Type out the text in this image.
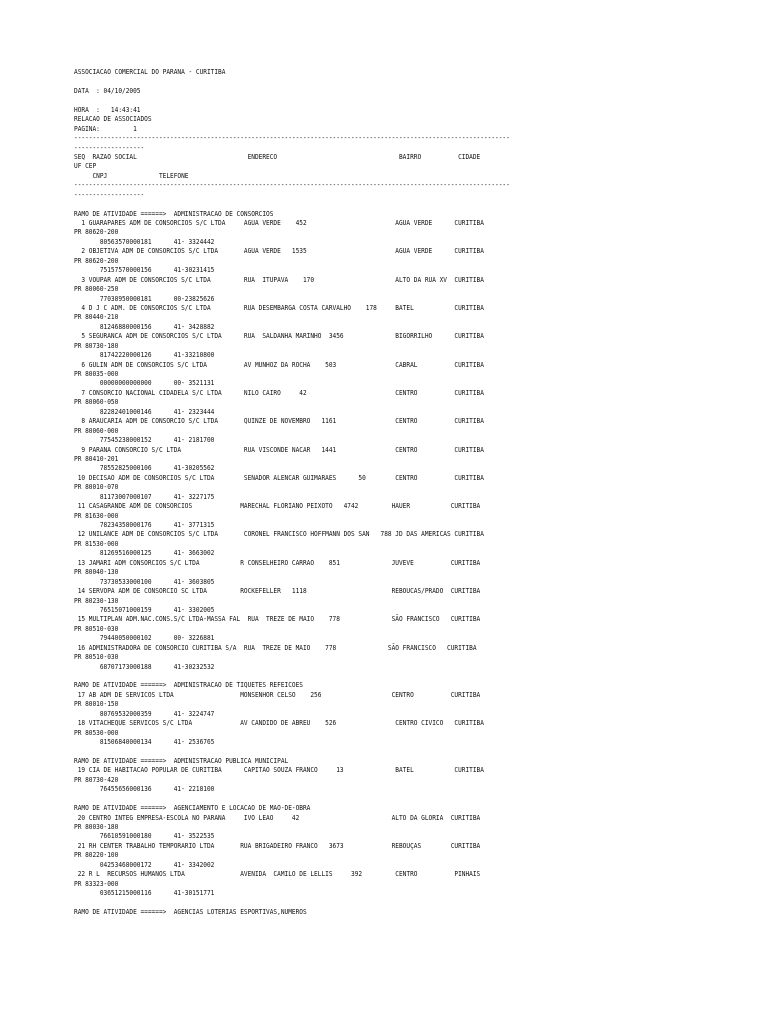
ASSOCIACAO COMERCIAL DO PARANA - CURITIBA
DATA  : 04/10/2005
HORA  :   14:43:41
RELACAO DE ASSOCIADOS
PAGINA:         1
----------------------------------------------------------------------------------------------------------------------
-------------------
SEQ  RAZAO SOCIAL                              ENDERECO                                 BAIRRO          CIDADE
UF CEP
CNPJ              TELEFONE
----------------------------------------------------------------------------------------------------------------------
-------------------
RAMO DE ATIVIDADE ======>  ADMINISTRACAO DE CONSORCIOS
1 GUARAPARES ADM DE CONSORCIOS S/C LTDA     AGUA VERDE    452                        AGUA VERDE      CURITIBA
PR 80620-200
80563570000181      41- 3324442
2 OBJETIVA ADM DE CONSORCIOS S/C LTDA       AGUA VERDE   1535                        AGUA VERDE      CURITIBA
PR 80620-200
75157570000156      41-30231415
3 VOUPAR ADM DE CONSORCIOS S/C LTDA         RUA  ITUPAVA    170                      ALTO DA RUA XV  CURITIBA
PR 80060-250
77038950000181      00-23825626
4 D J C ADM. DE CONSORCIOS S/C LTDA         RUA DESEMBARGA COSTA CARVALHO    178     BATEL           CURITIBA
PR 80440-210
81246880000156      41- 3428882
5 SEGURANCA ADM DE CONSORCIOS S/C LTDA      RUA  SALDANHA MARINHO  3456              BIGORRILHO      CURITIBA
PR 80730-180
81742220000126      41-33210800
6 GULIN ADM DE CONSORCIOS S/C LTDA          AV MUNHOZ DA ROCHA    503                CABRAL          CURITIBA
PR 80035-000
00000000000000      00- 3521131
7 CONSORCIO NACIONAL CIDADELA S/C LTDA      NILO CAIRO     42                        CENTRO          CURITIBA
PR 80060-050
82282401000146      41- 2323444
8 ARAUCARIA ADM DE CONSORCIO S/C LTDA       QUINZE DE NOVEMBRO   1161                CENTRO          CURITIBA
PR 80060-000
77545238000152      41- 2181700
9 PARANA CONSORCIO S/C LTDA                 RUA VISCONDE NACAR   1441                CENTRO          CURITIBA
PR 80410-201
78552825000106      41-30205562
10 DECISAO ADM DE CONSORCIOS S/C LTDA        SENADOR ALENCAR GUIMARAES      50        CENTRO          CURITIBA
PR 80010-070
81173007000107      41- 3227175
11 CASAGRANDE ADM DE CONSORCIOS             MARECHAL FLORIANO PEIXOTO   4742         HAUER           CURITIBA
PR 81630-000
78234358000176      41- 3771315
12 UNILANCE ADM DE CONSORCIOS S/C LTDA       CORONEL FRANCISCO HOFFMANN DOS SAN   788 JD DAS AMERICAS CURITIBA
PR 81530-000
81269516000125      41- 3663002
13 JAMARI ADM CONSORCIOS S/C LTDA           R CONSELHEIRO CARRAO    851              JUVEVE          CURITIBA
PR 80040-130
73730533000100      41- 3603805
14 SERVOPA ADM DE CONSORCIO SC LTDA         ROCKEFELLER   1118                       REBOUCAS/PRADO  CURITIBA
PR 80230-130
76515071000159      41- 3302005
15 MULTIPLAN ADM.NAC.CONS.S/C LTDA-MASSA FAL  RUA  TREZE DE MAIO    778              SÃO FRANCISCO   CURITIBA
PR 80510-030
79440050000102      00- 3226881
16 ADMINISTRADORA DE CONSORCIO CURITIBA S/A  RUA  TREZE DE MAIO    778              SÃO FRANCISCO   CURITIBA
PR 80510-030
68707173000188      41-30232532
RAMO DE ATIVIDADE ======>  ADMINISTRACAO DE TIQUETES REFEICOES
17 AB ADM DE SERVICOS LTDA                  MONSENHOR CELSO    256                   CENTRO          CURITIBA
PR 80010-150
80769532000359      41- 3224747
18 VITACHEQUE SERVICOS S/C LTDA             AV CANDIDO DE ABREU    526                CENTRO CIVICO   CURITIBA
PR 80530-000
81506840000134      41- 2536765
RAMO DE ATIVIDADE ======>  ADMINISTRACAO PUBLICA MUNICIPAL
19 CIA DE HABITACAO POPULAR DE CURITIBA      CAPITAO SOUZA FRANCO     13              BATEL           CURITIBA
PR 80730-420
76455656000136      41- 2218100
RAMO DE ATIVIDADE ======>  AGENCIAMENTO E LOCACAO DE MAO-DE-OBRA
20 CENTRO INTEG EMPRESA-ESCOLA NO PARANA     IVO LEAO     42                         ALTO DA GLORIA  CURITIBA
PR 80030-180
76610591000180      41- 3522535
21 RH CENTER TRABALHO TEMPORARIO LTDA       RUA BRIGADEIRO FRANCO   3673             REBOUÇAS        CURITIBA
PR 80220-100
04253468000172      41- 3342002
22 R L  RECURSOS HUMANOS LTDA               AVENIDA  CAMILO DE LELLIS     392         CENTRO          PINHAIS
PR 83323-000
03651215000116      41-30151771
RAMO DE ATIVIDADE ======>  AGENCIAS LOTERIAS ESPORTIVAS,NUMEROS
